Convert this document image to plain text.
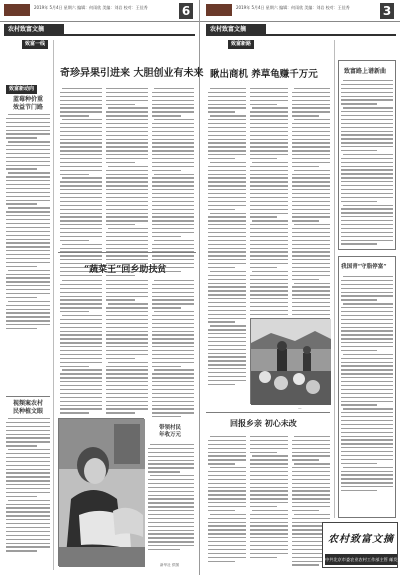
2019年 5月4日 星期六 编辑：何雨欣 美编：刘岩 校对：王佳秀	6
农村致富文摘
致富一线
致富新动向
蓝莓种价重
效益节门路
视频案农村
民种植文眼
奇珍异果引进来 大胆创业有未来
“蔬菜王”回乡助扶贫
带领村民
年收万元
新华社 供图
2019年 5月4日 星期六 编辑：何雨欣 美编：刘岩 校对：王佳秀	3
农村致富文摘
致富新路
瞅出商机 养草龟赚千万元
—
回报乡亲 初心未改
致富路上谱新曲
我国青“守脂停富”
农村致富文摘
中共北京市委农业农村工作部主管 邮发代号1-185
